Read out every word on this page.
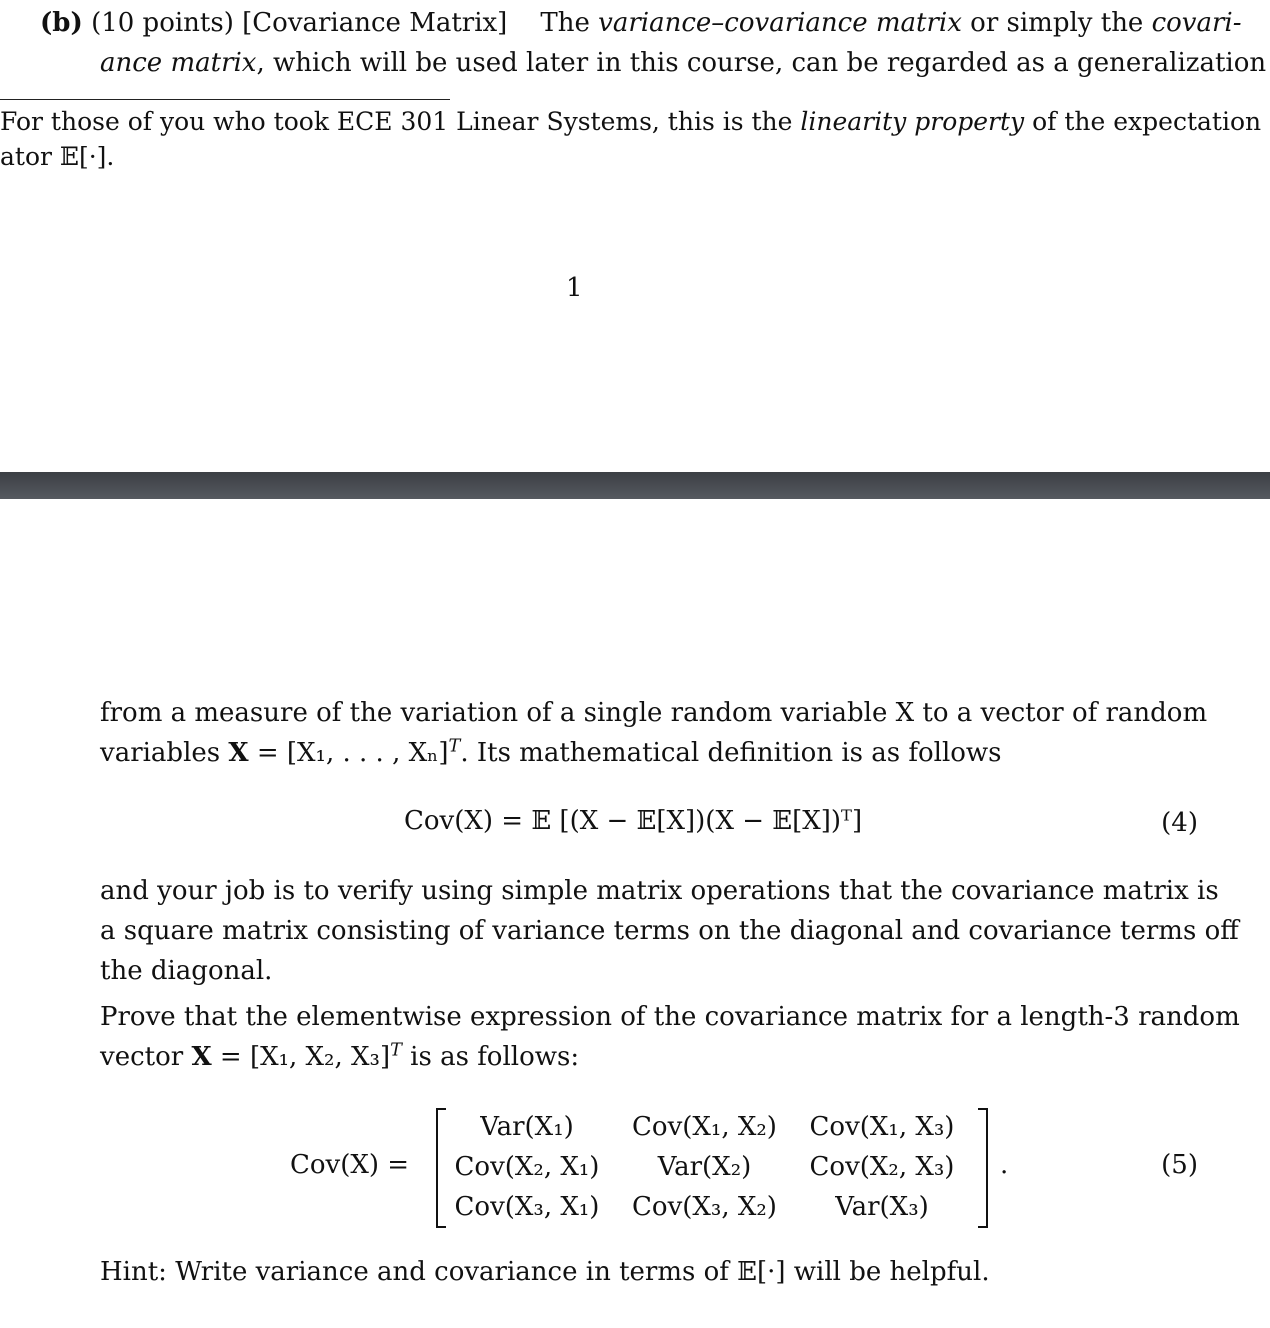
(b) (10 points) [Covariance Matrix] The variance–covariance matrix or simply the covari-
ance matrix, which will be used later in this course, can be regarded as a generalization
For those of you who took ECE 301 Linear Systems, this is the linearity property of the expectation
ator 𝔼[·].
1
from a measure of the variation of a single random variable X to a vector of random
variables X = [X₁, . . . , Xₙ]$^T$. Its mathematical definition is as follows
Cov(X) = 𝔼 [(X − 𝔼[X])(X − 𝔼[X])ᵀ]	(4)
and your job is to verify using simple matrix operations that the covariance matrix is
a square matrix consisting of variance terms on the diagonal and covariance terms off
the diagonal.
Prove that the elementwise expression of the covariance matrix for a length-3 random
vector X = [X₁, X₂, X₃]$^T$ is as follows:
Cov(X) =
Var(X₁)	Cov(X₁, X₂)	Cov(X₁, X₃)
Cov(X₂, X₁)	Var(X₂)	Cov(X₂, X₃)
Cov(X₃, X₁)	Cov(X₃, X₂)	Var(X₃)
.	(5)
Hint: Write variance and covariance in terms of 𝔼[·] will be helpful.
